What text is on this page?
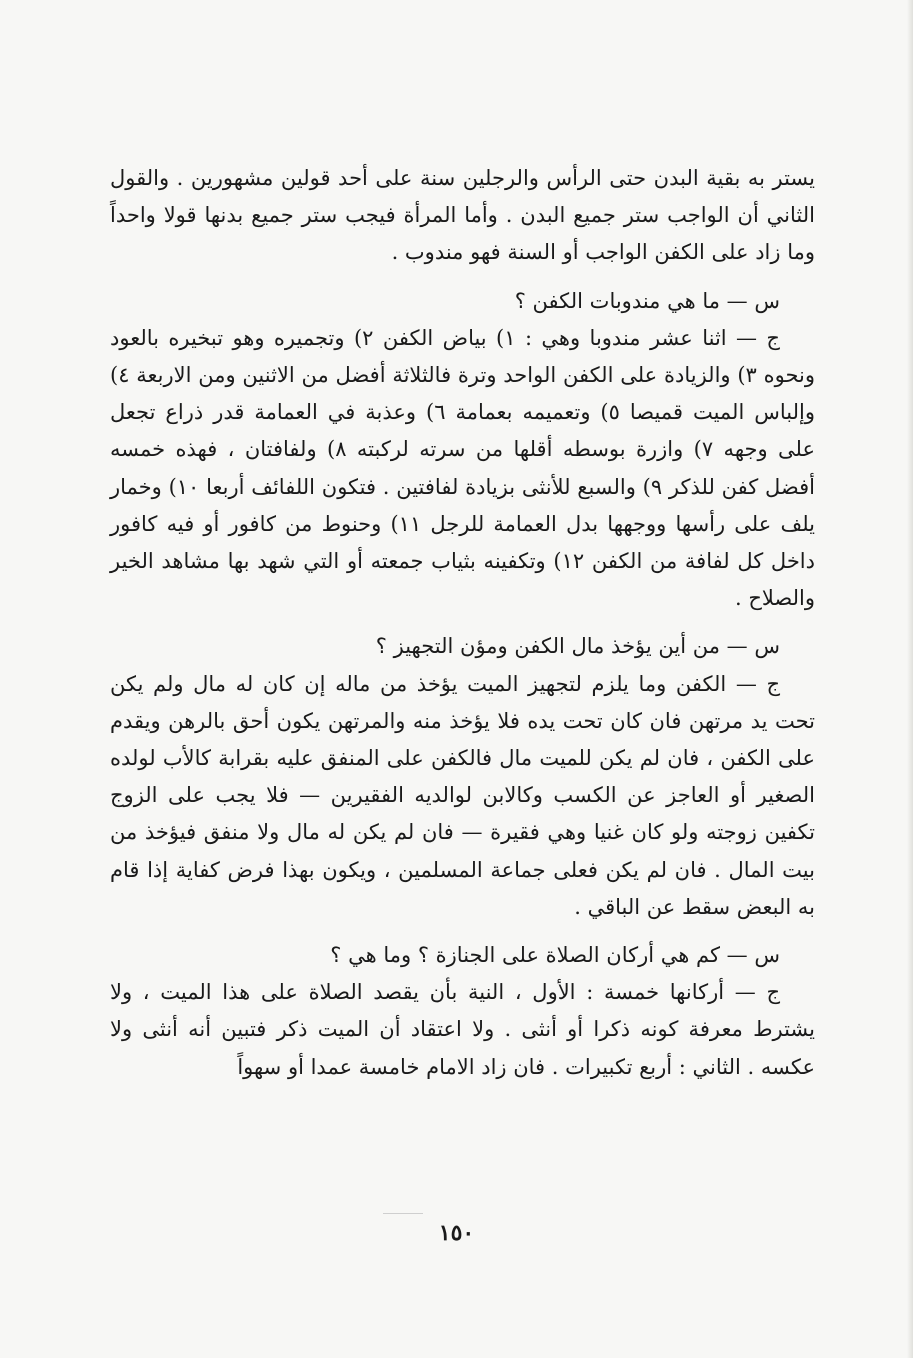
يستر به بقية البدن حتى الرأس والرجلين سنة على أحد قولين مشهورين . والقول الثاني أن الواجب ستر جميع البدن . وأما المرأة فيجب ستر جميع بدنها قولا واحداً وما زاد على الكفن الواجب أو السنة فهو مندوب .

س — ما هي مندوبات الكفن ؟

ج — اثنا عشر مندوبا وهي : ١) بياض الكفن ٢) وتجميره وهو تبخيره بالعود ونحوه ٣) والزيادة على الكفن الواحد وترة فالثلاثة أفضل من الاثنين ومن الاربعة ٤) وإلباس الميت قميصا ٥) وتعميمه بعمامة ٦) وعذبة في العمامة قدر ذراع تجعل على وجهه ٧) وازرة بوسطه أقلها من سرته لركبته ٨) ولفافتان ، فهذه خمسه أفضل كفن للذكر ٩) والسبع للأنثى بزيادة لفافتين . فتكون اللفائف أربعا ١٠) وخمار يلف على رأسها ووجهها بدل العمامة للرجل ١١) وحنوط من كافور أو فيه كافور داخل كل لفافة من الكفن ١٢) وتكفينه بثياب جمعته أو التي شهد بها مشاهد الخير والصلاح .

س — من أين يؤخذ مال الكفن ومؤن التجهيز ؟

ج — الكفن وما يلزم لتجهيز الميت يؤخذ من ماله إن كان له مال ولم يكن تحت يد مرتهن فان كان تحت يده فلا يؤخذ منه والمرتهن يكون أحق بالرهن ويقدم على الكفن ، فان لم يكن للميت مال فالكفن على المنفق عليه بقرابة كالأب لولده الصغير أو العاجز عن الكسب وكالابن لوالديه الفقيرين — فلا يجب على الزوج تكفين زوجته ولو كان غنيا وهي فقيرة — فان لم يكن له مال ولا منفق فيؤخذ من بيت المال . فان لم يكن فعلى جماعة المسلمين ، ويكون بهذا فرض كفاية إذا قام به البعض سقط عن الباقي .

س — كم هي أركان الصلاة على الجنازة ؟ وما هي ؟

ج — أركانها خمسة : الأول ، النية بأن يقصد الصلاة على هذا الميت ، ولا يشترط معرفة كونه ذكرا أو أنثى . ولا اعتقاد أن الميت ذكر فتبين أنه أنثى ولا عكسه . الثاني : أربع تكبيرات . فان زاد الامام خامسة عمدا أو سهواً

١٥٠
